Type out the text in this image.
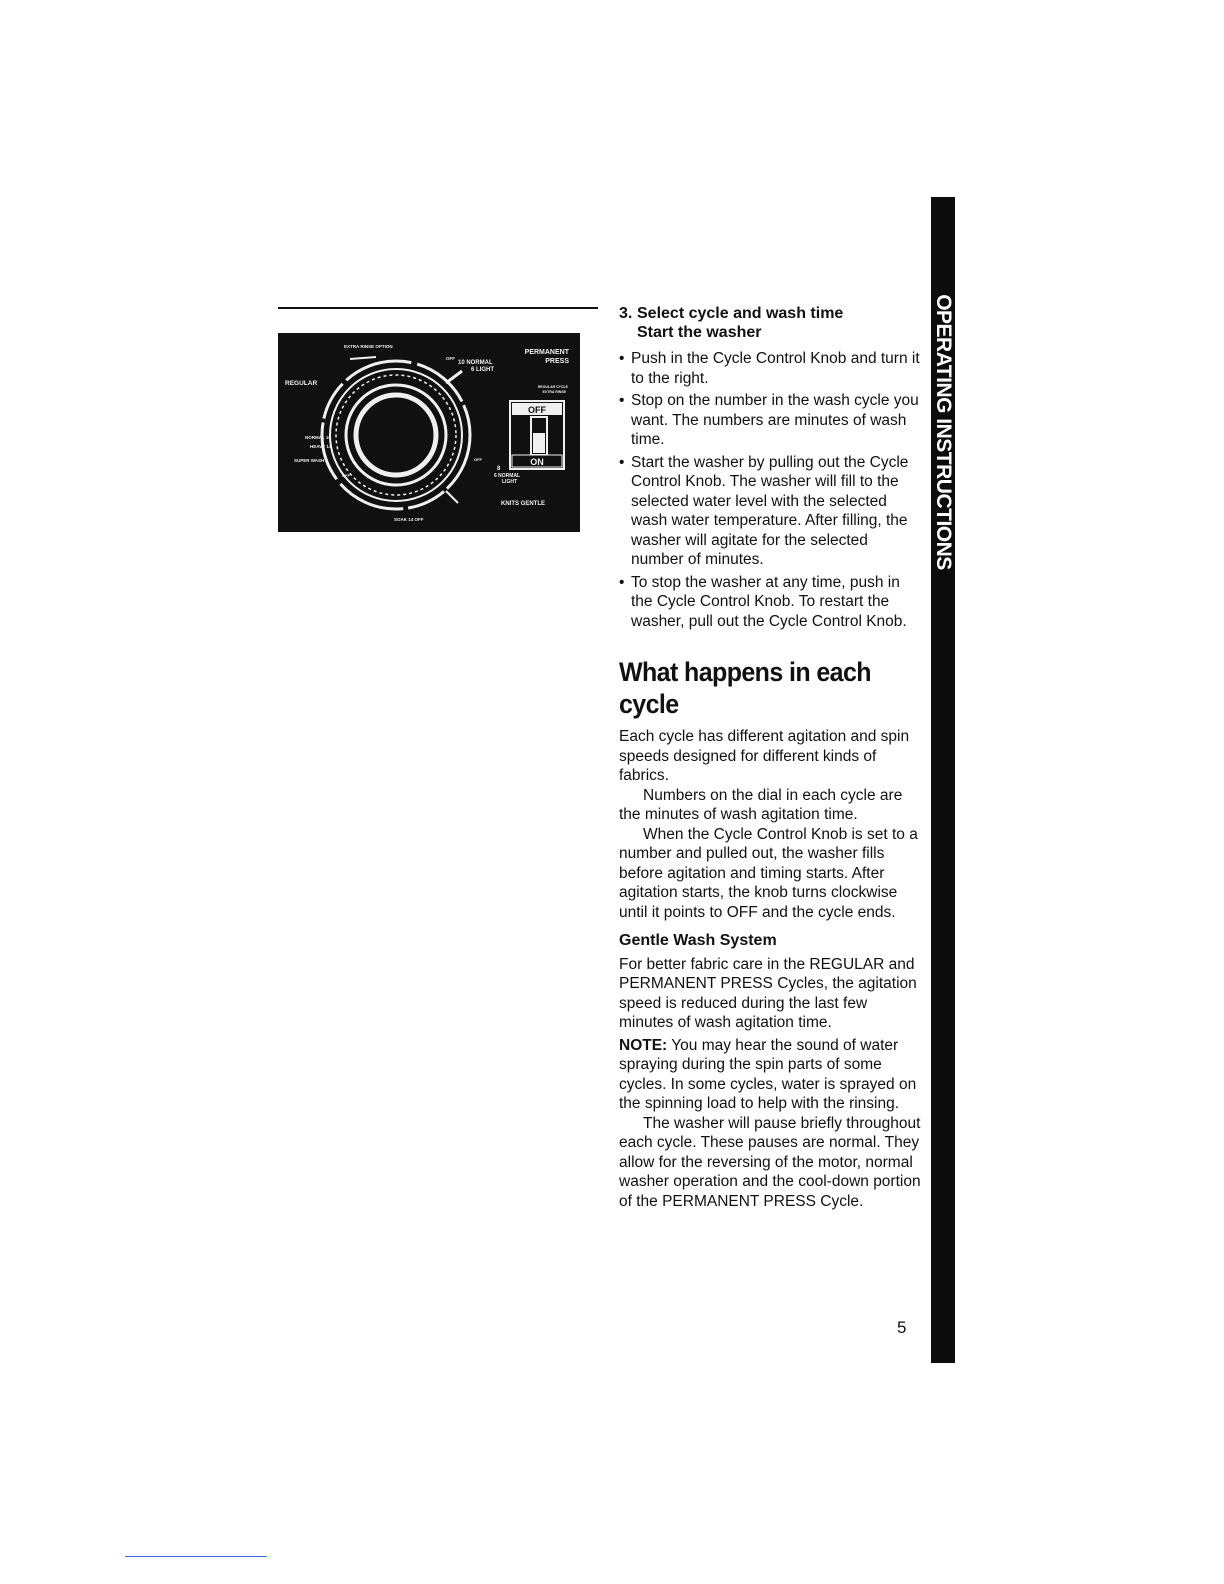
OFF
ON
EXTRA RINSE OPTION
OFF
10 NORMAL
6 LIGHT
PERMANENT
PRESS
REGULAR	REGULAR CYCLE
EXTRA RINSE
NORMAL 10
HEAVY 14
SUPER WASH 4
OFF
OFF
8
6 NORMAL
LIGHT
KNITS GENTLE
SOAK 14 OFF
3. Select cycle and wash time
Start the washer
• Push in the Cycle Control Knob and turn it to the right.
• Stop on the number in the wash cycle you want. The numbers are minutes of wash time.
• Start the washer by pulling out the Cycle Control Knob. The washer will fill to the selected water level with the selected wash water temperature. After filling, the washer will agitate for the selected number of minutes.
• To stop the washer at any time, push in the Cycle Control Knob. To restart the washer, pull out the Cycle Control Knob.
What happens in each cycle

Each cycle has different agitation and spin speeds designed for different kinds of fabrics.

Numbers on the dial in each cycle are the minutes of wash agitation time.

When the Cycle Control Knob is set to a number and pulled out, the washer fills before agitation and timing starts. After agitation starts, the knob turns clockwise until it points to OFF and the cycle ends.

Gentle Wash System

For better fabric care in the REGULAR and PERMANENT PRESS Cycles, the agitation speed is reduced during the last few minutes of wash agitation time.

NOTE: You may hear the sound of water spraying during the spin parts of some cycles. In some cycles, water is sprayed on the spinning load to help with the rinsing.

The washer will pause briefly throughout each cycle. These pauses are normal. They allow for the reversing of the motor, normal washer operation and the cool-down portion of the PERMANENT PRESS Cycle.

OPERATING INSTRUCTIONS
5
